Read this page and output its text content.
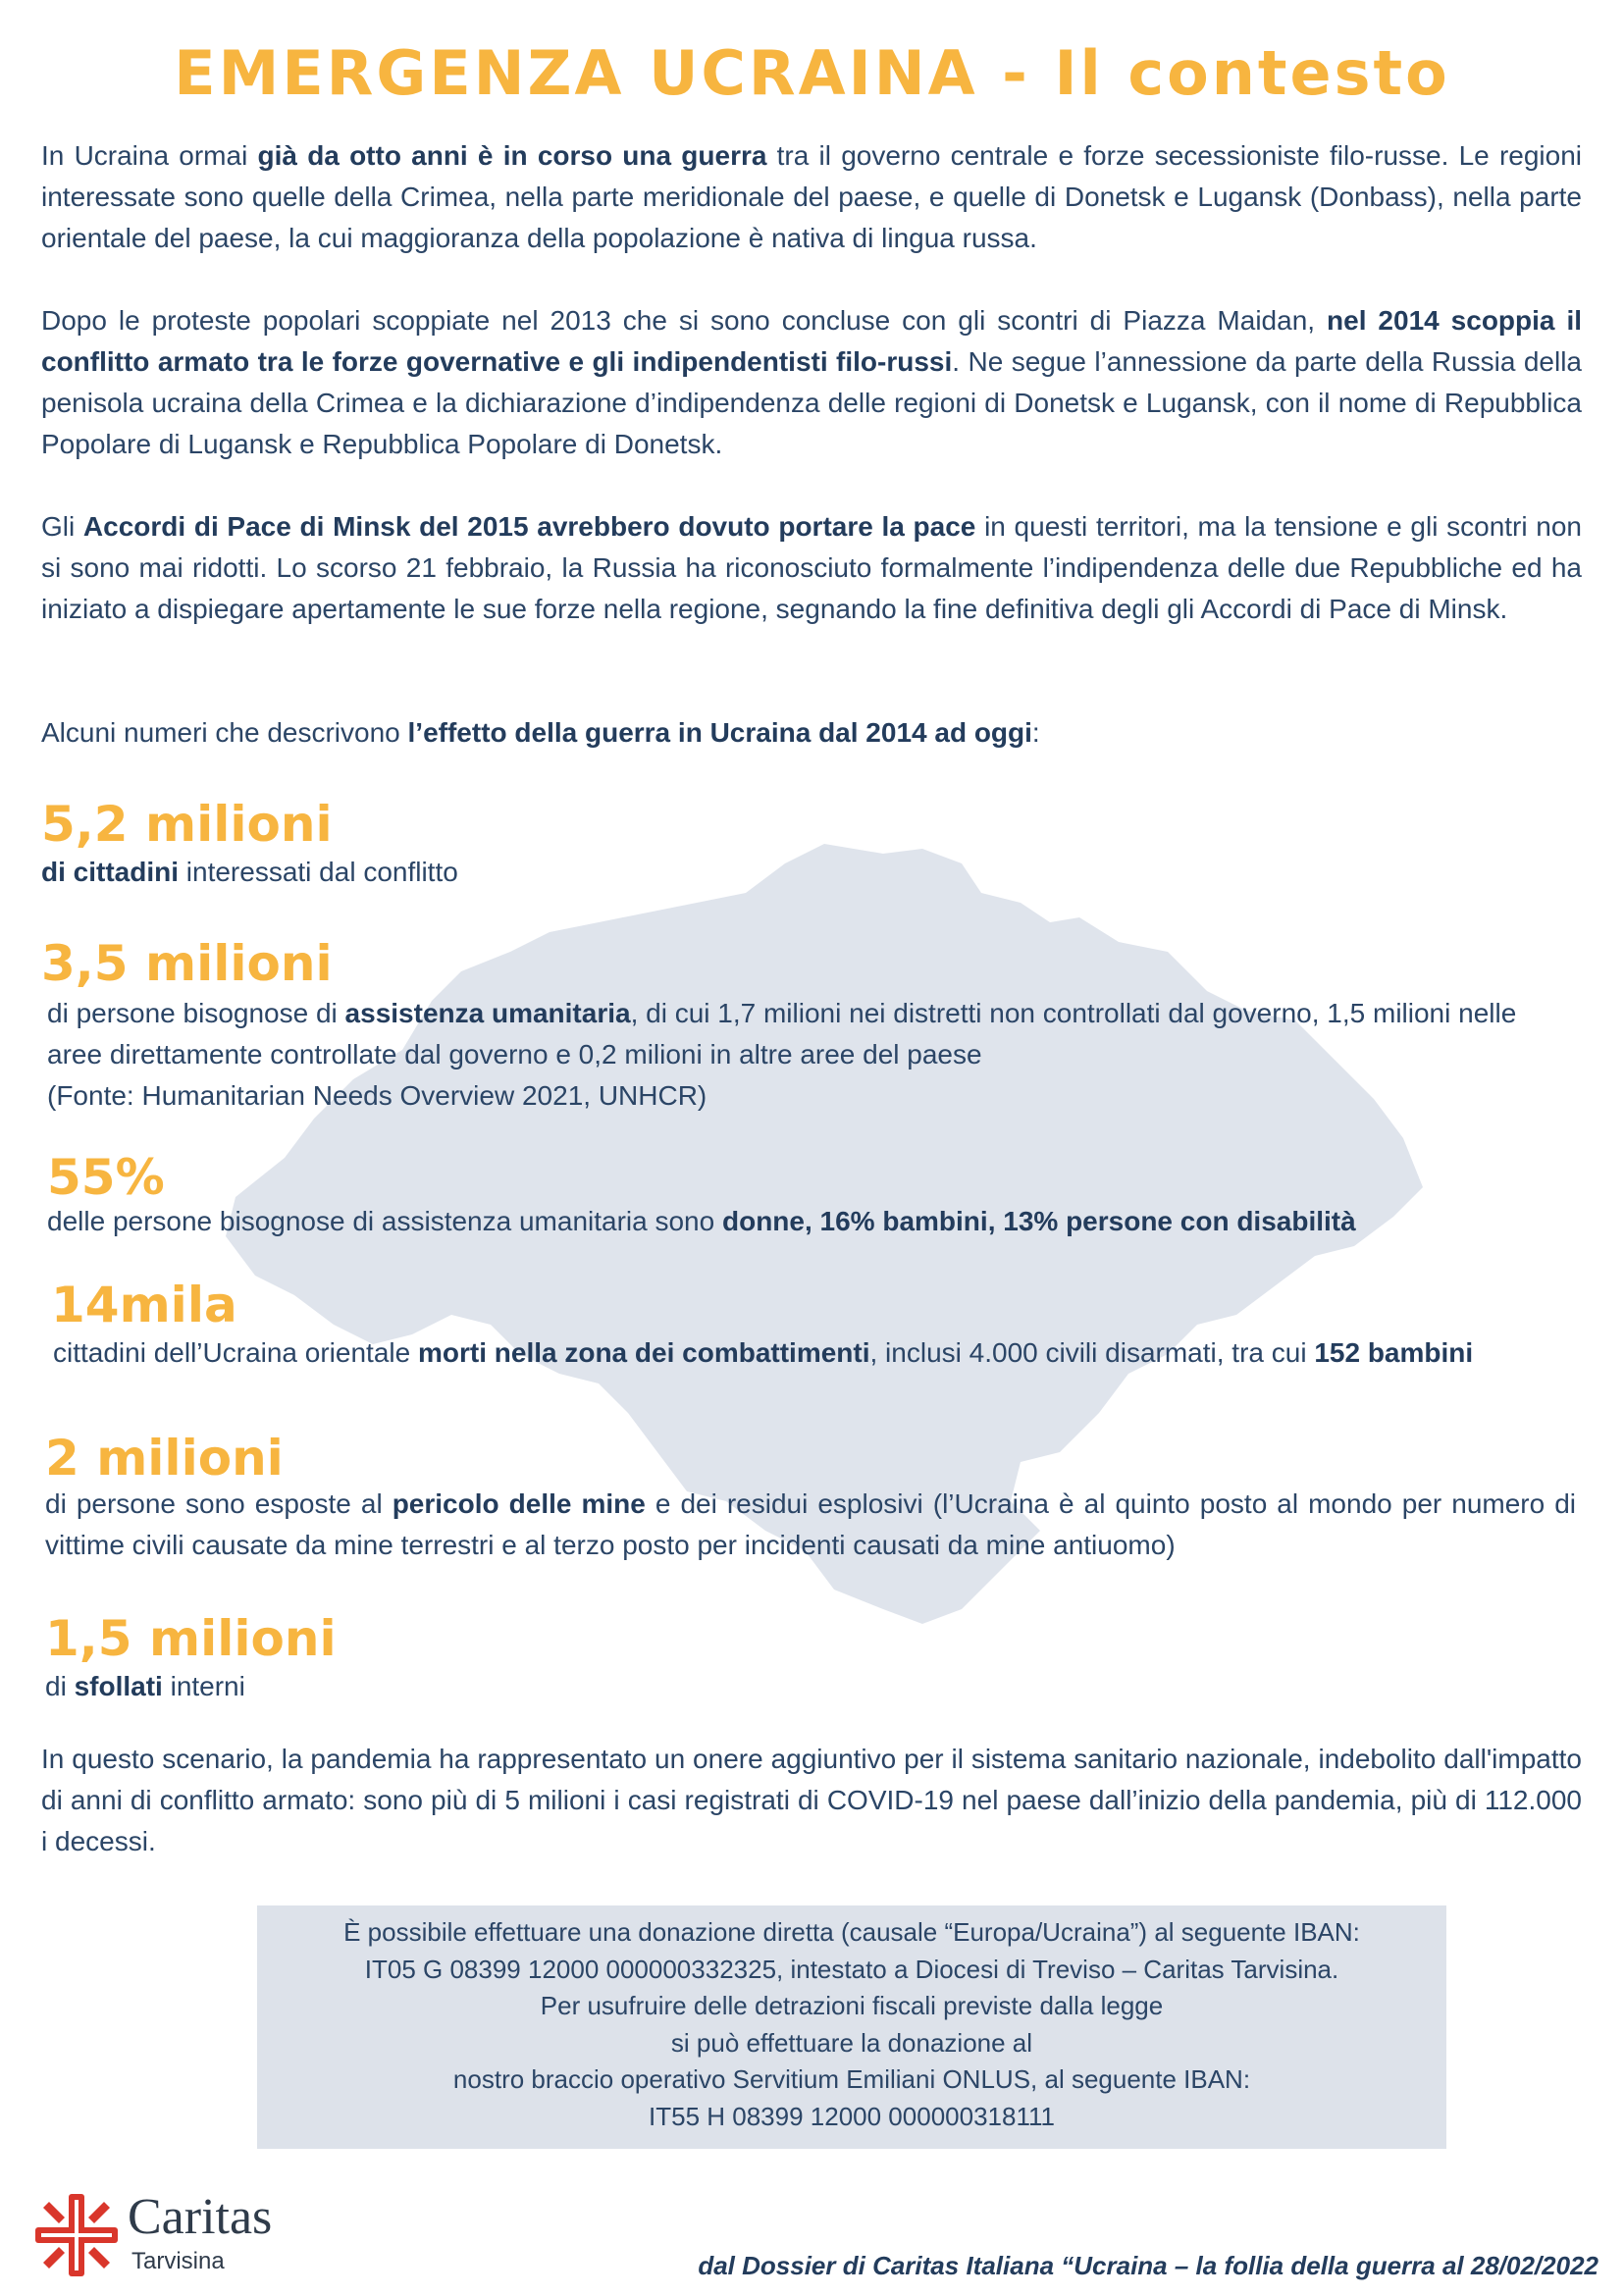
EMERGENZA UCRAINA - Il contesto

In Ucraina ormai già da otto anni è in corso una guerra tra il governo centrale e forze secessioniste filo-russe. Le regioni interessate sono quelle della Crimea, nella parte meridionale del paese, e quelle di Donetsk e Lugansk (Donbass), nella parte orientale del paese, la cui maggioranza della popolazione è nativa di lingua russa.

Dopo le proteste popolari scoppiate nel 2013 che si sono concluse con gli scontri di Piazza Maidan, nel 2014 scoppia il conflitto armato tra le forze governative e gli indipendentisti filo-russi. Ne segue l’annessione da parte della Russia della penisola ucraina della Crimea e la dichiarazione d’indipendenza delle regioni di Donetsk e Lugansk, con il nome di Repubblica Popolare di Lugansk e Repubblica Popolare di Donetsk.

Gli Accordi di Pace di Minsk del 2015 avrebbero dovuto portare la pace in questi territori, ma la tensione e gli scontri non si sono mai ridotti. Lo scorso 21 febbraio, la Russia ha riconosciuto formalmente l’indipendenza delle due Repubbliche ed ha iniziato a dispiegare apertamente le sue forze nella regione, segnando la fine definitiva degli gli Accordi di Pace di Minsk.

Alcuni numeri che descrivono l’effetto della guerra in Ucraina dal 2014 ad oggi:

5,2 milioni

di cittadini interessati dal conflitto

3,5 milioni

di persone bisognose di assistenza umanitaria, di cui 1,7 milioni nei distretti non controllati dal governo, 1,5 milioni nelle aree direttamente controllate dal governo e 0,2 milioni in altre aree del paese
(Fonte: Humanitarian Needs Overview 2021, UNHCR)

55%

delle persone bisognose di assistenza umanitaria sono donne, 16% bambini, 13% persone con disabilità

14mila

cittadini dell’Ucraina orientale morti nella zona dei combattimenti, inclusi 4.000 civili disarmati, tra cui 152 bambini

2 milioni

di persone sono esposte al pericolo delle mine e dei residui esplosivi (l’Ucraina è al quinto posto al mondo per numero di vittime civili causate da mine terrestri e al terzo posto per incidenti causati da mine antiuomo)

1,5 milioni

di sfollati interni

In questo scenario, la pandemia ha rappresentato un onere aggiuntivo per il sistema sanitario nazionale, indebolito dall'impatto di anni di conflitto armato: sono più di 5 milioni i casi registrati di COVID-19 nel paese dall’inizio della pandemia, più di 112.000 i decessi.

È possibile effettuare una donazione diretta (causale “Europa/Ucraina”) al seguente IBAN:
IT05 G 08399 12000 000000332325, intestato a Diocesi di Treviso – Caritas Tarvisina.
Per usufruire delle detrazioni fiscali previste dalla legge
si può effettuare la donazione al
nostro braccio operativo Servitium Emiliani ONLUS, al seguente IBAN:
IT55 H 08399 12000 000000318111
Caritas
Tarvisina	dal Dossier di Caritas Italiana “Ucraina – la follia della guerra al 28/02/2022
